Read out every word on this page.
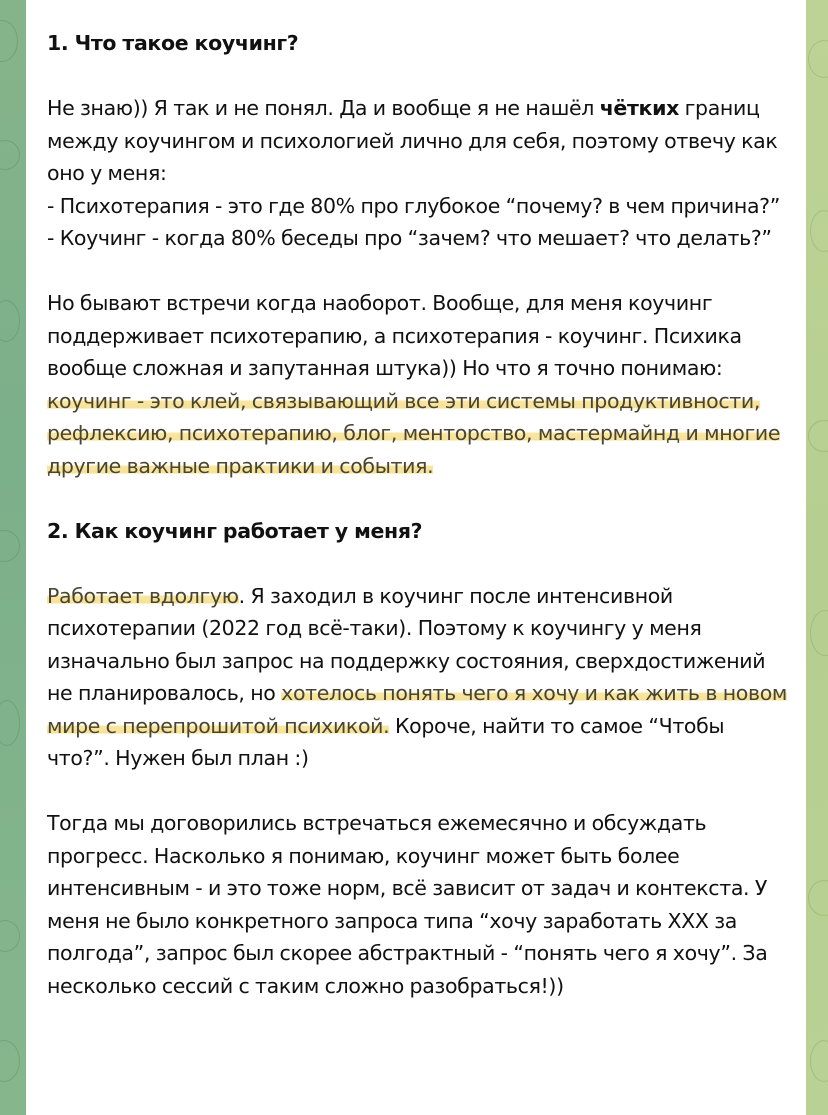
1. Что такое коучинг?

Не знаю)) Я так и не понял. Да и вообще я не нашёл чётких границ между коучингом и психологией лично для себя, поэтому отвечу как оно у меня:
- Психотерапия - это где 80% про глубокое “почему? в чем причина?”
- Коучинг - когда 80% беседы про “зачем? что мешает? что делать?”

Но бывают встречи когда наоборот. Вообще, для меня коучинг поддерживает психотерапию, а психотерапия - коучинг. Психика вообще сложная и запутанная штука)) Но что я точно понимаю: коучинг - это клей, связывающий все эти системы продуктивности, рефлексию, психотерапию, блог, менторство, мастермайнд и многие другие важные практики и события.

2. Как коучинг работает у меня?

Работает вдолгую. Я заходил в коучинг после интенсивной психотерапии (2022 год всё-таки). Поэтому к коучингу у меня изначально был запрос на поддержку состояния, сверхдостижений не планировалось, но хотелось понять чего я хочу и как жить в новом мире с перепрошитой психикой. Короче, найти то самое “Чтобы что?”. Нужен был план :)

Тогда мы договорились встречаться ежемесячно и обсуждать прогресс. Насколько я понимаю, коучинг может быть более интенсивным - и это тоже норм, всё зависит от задач и контекста. У меня не было конкретного запроса типа “хочу заработать XXX за полгода”, запрос был скорее абстрактный - “понять чего я хочу”. За несколько сессий с таким сложно разобраться!))
